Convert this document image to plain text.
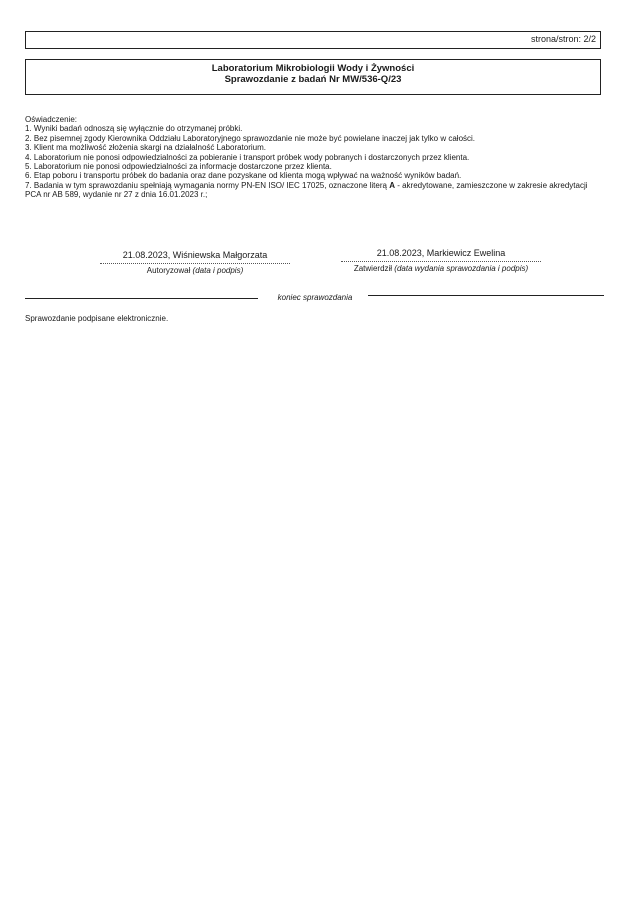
strona/stron: 2/2
Laboratorium Mikrobiologii Wody i Żywności
Sprawozdanie z badań Nr MW/536-Q/23

Oświadczenie:

1. Wyniki badań odnoszą się wyłącznie do otrzymanej próbki.
2. Bez pisemnej zgody Kierownika Oddziału Laboratoryjnego sprawozdanie nie może być powielane inaczej jak tylko w całości.
3. Klient ma możliwość złożenia skargi na działalność Laboratorium.
4. Laboratorium nie ponosi odpowiedzialności za pobieranie i transport próbek wody pobranych i dostarczonych przez klienta.
5. Laboratorium nie ponosi odpowiedzialności za informacje dostarczone przez klienta.
6. Etap poboru i transportu próbek do badania oraz dane pozyskane od klienta mogą wpływać na ważność wyników badań.
7. Badania w tym sprawozdaniu spełniają wymagania normy PN-EN ISO/ IEC 17025, oznaczone literą A - akredytowane, zamieszczone w zakresie akredytacji PCA nr AB 589, wydanie nr 27 z dnia 16.01.2023 r.;
21.08.2023, Wiśniewska Małgorzata
Autoryzował (data i podpis)
21.08.2023, Markiewicz Ewelina
Zatwierdził (data wydania sprawozdania i podpis)
koniec sprawozdania
Sprawozdanie podpisane elektronicznie.
